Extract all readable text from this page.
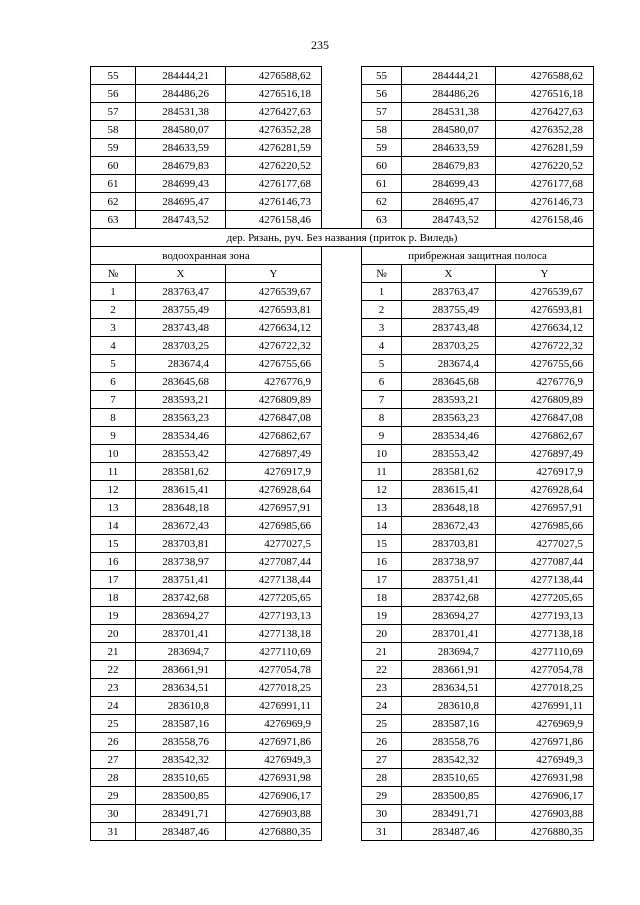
235
55	284444,21	4276588,62		55	284444,21	4276588,62
56	284486,26	4276516,18		56	284486,26	4276516,18
57	284531,38	4276427,63		57	284531,38	4276427,63
58	284580,07	4276352,28		58	284580,07	4276352,28
59	284633,59	4276281,59		59	284633,59	4276281,59
60	284679,83	4276220,52		60	284679,83	4276220,52
61	284699,43	4276177,68		61	284699,43	4276177,68
62	284695,47	4276146,73		62	284695,47	4276146,73
63	284743,52	4276158,46		63	284743,52	4276158,46
дер. Рязань, руч. Без названия (приток р. Виледь)						
водоохранная зона				прибрежная защитная полоса		
№	X	Y		№	X	Y
1	283763,47	4276539,67		1	283763,47	4276539,67
2	283755,49	4276593,81		2	283755,49	4276593,81
3	283743,48	4276634,12		3	283743,48	4276634,12
4	283703,25	4276722,32		4	283703,25	4276722,32
5	283674,4	4276755,66		5	283674,4	4276755,66
6	283645,68	4276776,9		6	283645,68	4276776,9
7	283593,21	4276809,89		7	283593,21	4276809,89
8	283563,23	4276847,08		8	283563,23	4276847,08
9	283534,46	4276862,67		9	283534,46	4276862,67
10	283553,42	4276897,49		10	283553,42	4276897,49
11	283581,62	4276917,9		11	283581,62	4276917,9
12	283615,41	4276928,64		12	283615,41	4276928,64
13	283648,18	4276957,91		13	283648,18	4276957,91
14	283672,43	4276985,66		14	283672,43	4276985,66
15	283703,81	4277027,5		15	283703,81	4277027,5
16	283738,97	4277087,44		16	283738,97	4277087,44
17	283751,41	4277138,44		17	283751,41	4277138,44
18	283742,68	4277205,65		18	283742,68	4277205,65
19	283694,27	4277193,13		19	283694,27	4277193,13
20	283701,41	4277138,18		20	283701,41	4277138,18
21	283694,7	4277110,69		21	283694,7	4277110,69
22	283661,91	4277054,78		22	283661,91	4277054,78
23	283634,51	4277018,25		23	283634,51	4277018,25
24	283610,8	4276991,11		24	283610,8	4276991,11
25	283587,16	4276969,9		25	283587,16	4276969,9
26	283558,76	4276971,86		26	283558,76	4276971,86
27	283542,32	4276949,3		27	283542,32	4276949,3
28	283510,65	4276931,98		28	283510,65	4276931,98
29	283500,85	4276906,17		29	283500,85	4276906,17
30	283491,71	4276903,88		30	283491,71	4276903,88
31	283487,46	4276880,35		31	283487,46	4276880,35
